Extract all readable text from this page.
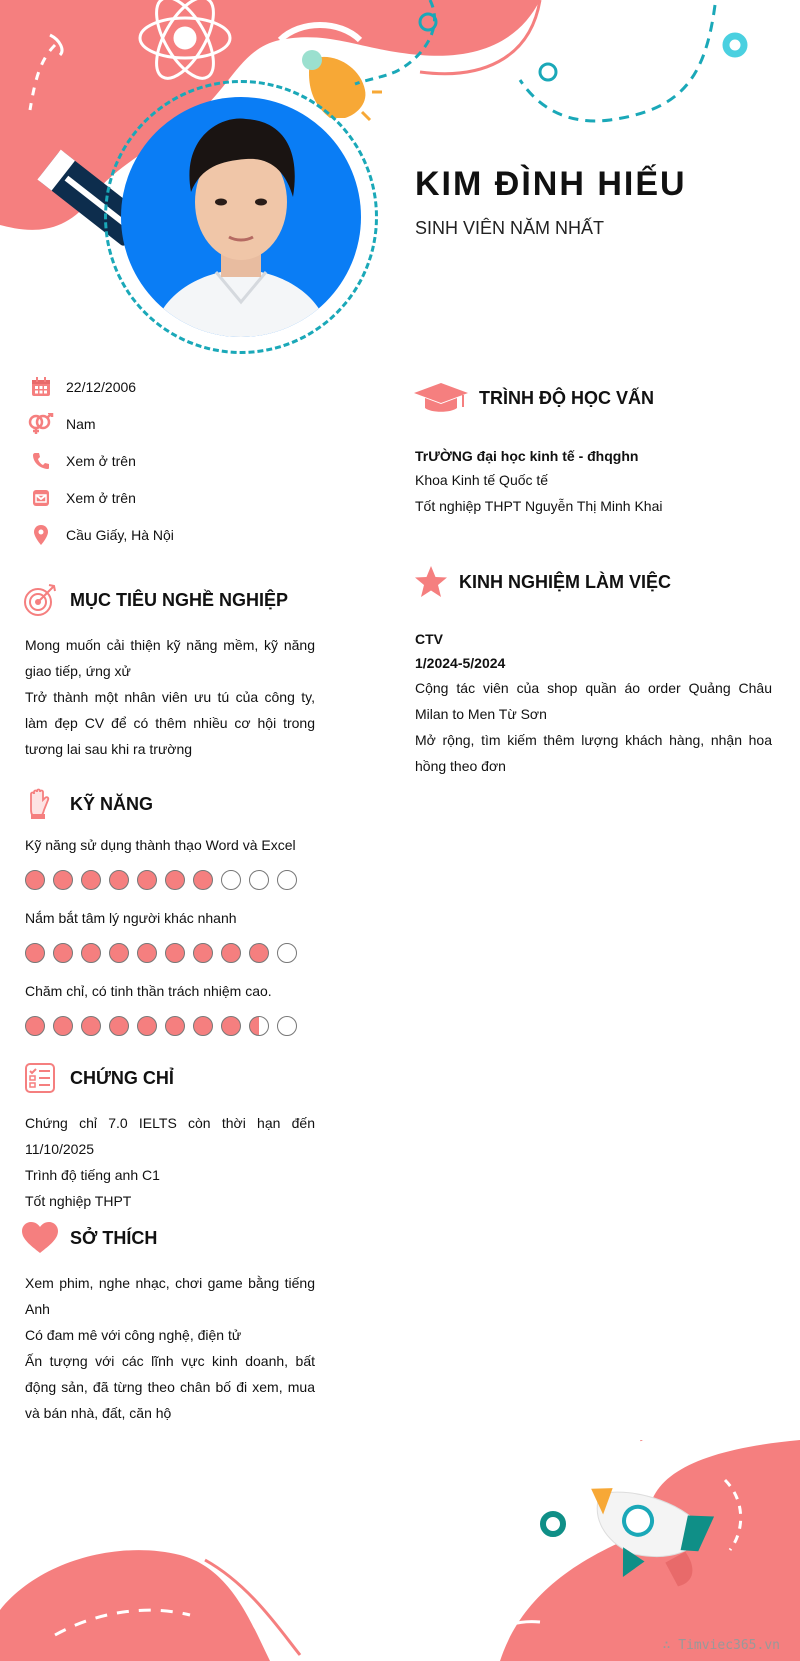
KIM ĐÌNH HIẾU
SINH VIÊN NĂM NHẤT
22/12/2006
Nam
Xem ở trên
Xem ở trên
Cầu Giấy, Hà Nội
MỤC TIÊU NGHỀ NGHIỆP

Mong muốn cải thiện kỹ năng mềm, kỹ năng giao tiếp, ứng xử

Trở thành một nhân viên ưu tú của công ty, làm đẹp CV để có thêm nhiều cơ hội trong tương lai sau khi ra trường

KỸ NĂNG
Kỹ năng sử dụng thành thạo Word và Excel
Nắm bắt tâm lý người khác nhanh
Chăm chỉ, có tinh thần trách nhiệm cao.
CHỨNG CHỈ

Chứng chỉ 7.0 IELTS còn thời hạn đến 11/10/2025

Trình độ tiếng anh C1

Tốt nghiệp THPT

SỞ THÍCH

Xem phim, nghe nhạc, chơi game bằng tiếng Anh

Có đam mê với công nghệ, điện tử

Ấn tượng với các lĩnh vực kinh doanh, bất động sản, đã từng theo chân bố đi xem, mua và bán nhà, đất, căn hộ

TRÌNH ĐỘ HỌC VẤN
TrƯỜNG đại học kinh tế - đhqghn
Khoa Kinh tế Quốc tế
Tốt nghiệp THPT Nguyễn Thị Minh Khai
KINH NGHIỆM LÀM VIỆC
CTV
1/2024-5/2024

Cộng tác viên của shop quần áo order Quảng Châu Milan to Men Từ Sơn

Mở rộng, tìm kiếm thêm lượng khách hàng, nhận hoa hồng theo đơn

∴ Timviec365.vn
